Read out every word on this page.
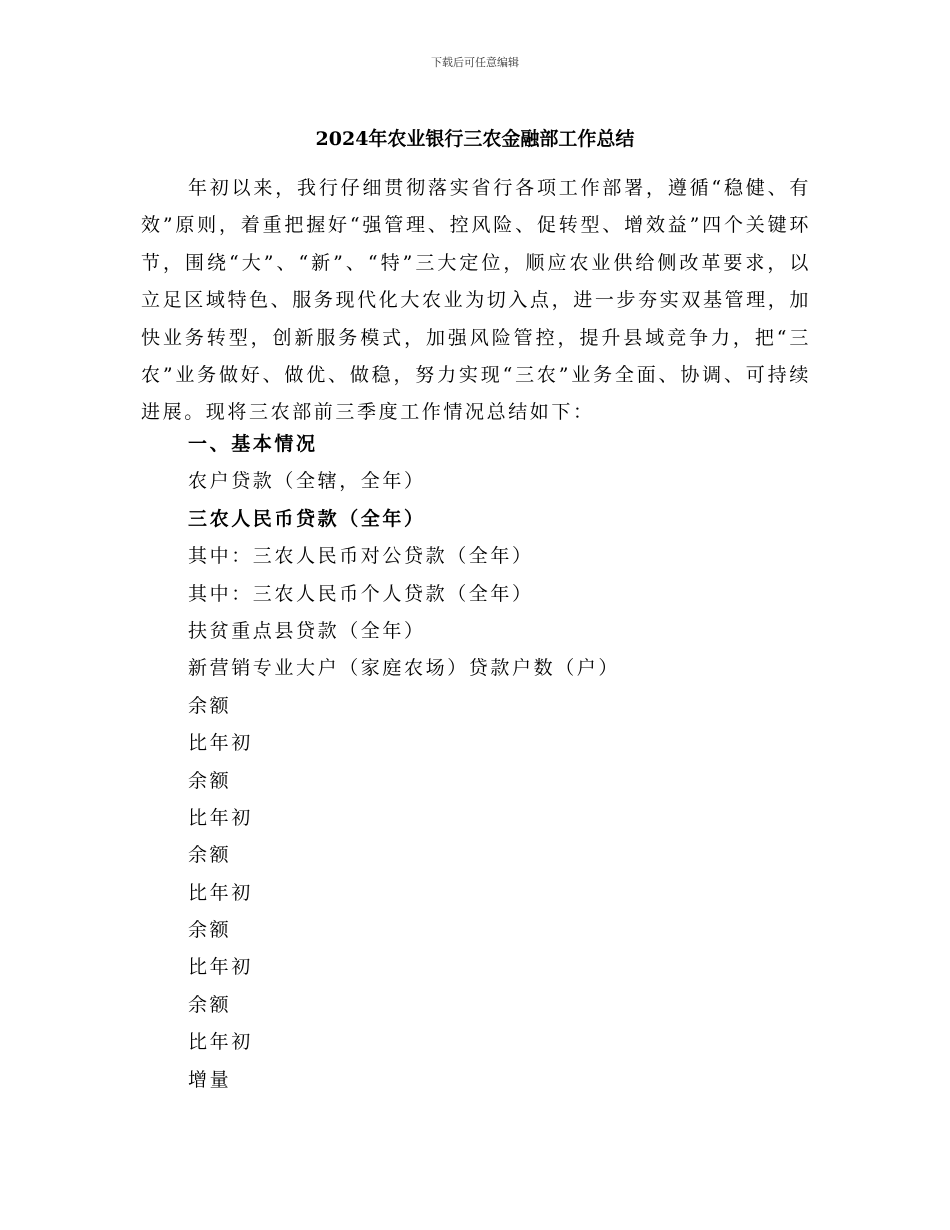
下载后可任意编辑
2024年农业银行三农金融部工作总结

年初以来，我行仔细贯彻落实省行各项工作部署，遵循“稳健、有效”原则，着重把握好“强管理、控风险、促转型、增效益”四个关键环节，围绕“大”、“新”、“特”三大定位，顺应农业供给侧改革要求，以立足区域特色、服务现代化大农业为切入点，进一步夯实双基管理，加快业务转型，创新服务模式，加强风险管控，提升县域竞争力，把“三农”业务做好、做优、做稳，努力实现“三农”业务全面、协调、可持续进展。现将三农部前三季度工作情况总结如下：

一、基本情况
农户贷款（全辖，全年）
三农人民币贷款（全年）
其中：三农人民币对公贷款（全年）
其中：三农人民币个人贷款（全年）
扶贫重点县贷款（全年）
新营销专业大户（家庭农场）贷款户数（户）
余额
比年初
余额
比年初
余额
比年初
余额
比年初
余额
比年初
增量
